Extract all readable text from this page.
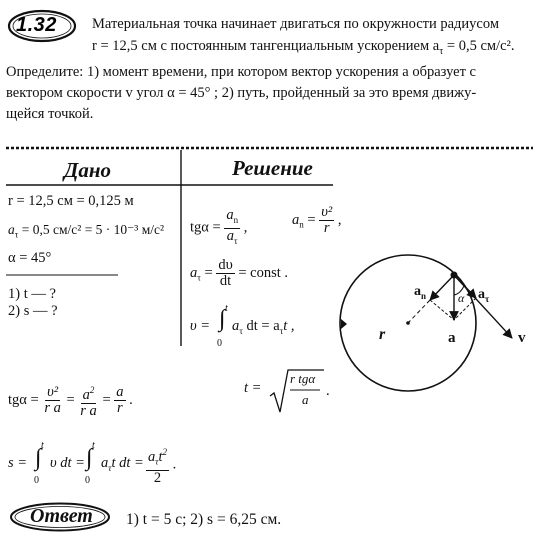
1.32 Материальная точка начинает двигаться по окружности радиусом
r = 12,5 см с постоянным тангенциальным ускорением $a_\tau = 0,5$ см/с².
Определите: 1) момент времени, при котором вектор ускорения a образует с
вектором скорости v угол α = 45° ; 2) путь, пройденный за это время движу-
щейся точкой.
Дано	Решение
r = 12,5 см = 0,125 м
$a_\tau = 0,5$ см/с² = 5 · 10⁻³ м/с²
α = 45°
1) t — ?
2) s — ?
$tg\alpha = \frac{a_n}{a_\tau}$ ,	$a_n = \frac{\text{υ²}}{r}$ ,
$a_\tau = \frac{d\upsilon}{dt}$ = const .
υ = ∫ t
0
$a_\tau$ dt = $a_\tau t$ ,
$tg\alpha = \frac{\text{υ²}}{\text{r a}} = \frac{a^2}{\text{r a}} = \frac{a}{r}$ .
t =
r tgα
a
.
s = ∫ t
0
υ dt = ∫ t
0
$a_\tau t$ dt = $\frac{a_\tau t^2}{2}$ .
r	a
$a_n$	$a_\tau$
α
v
Ответ 1) t = 5 с; 2) s = 6,25 см.
